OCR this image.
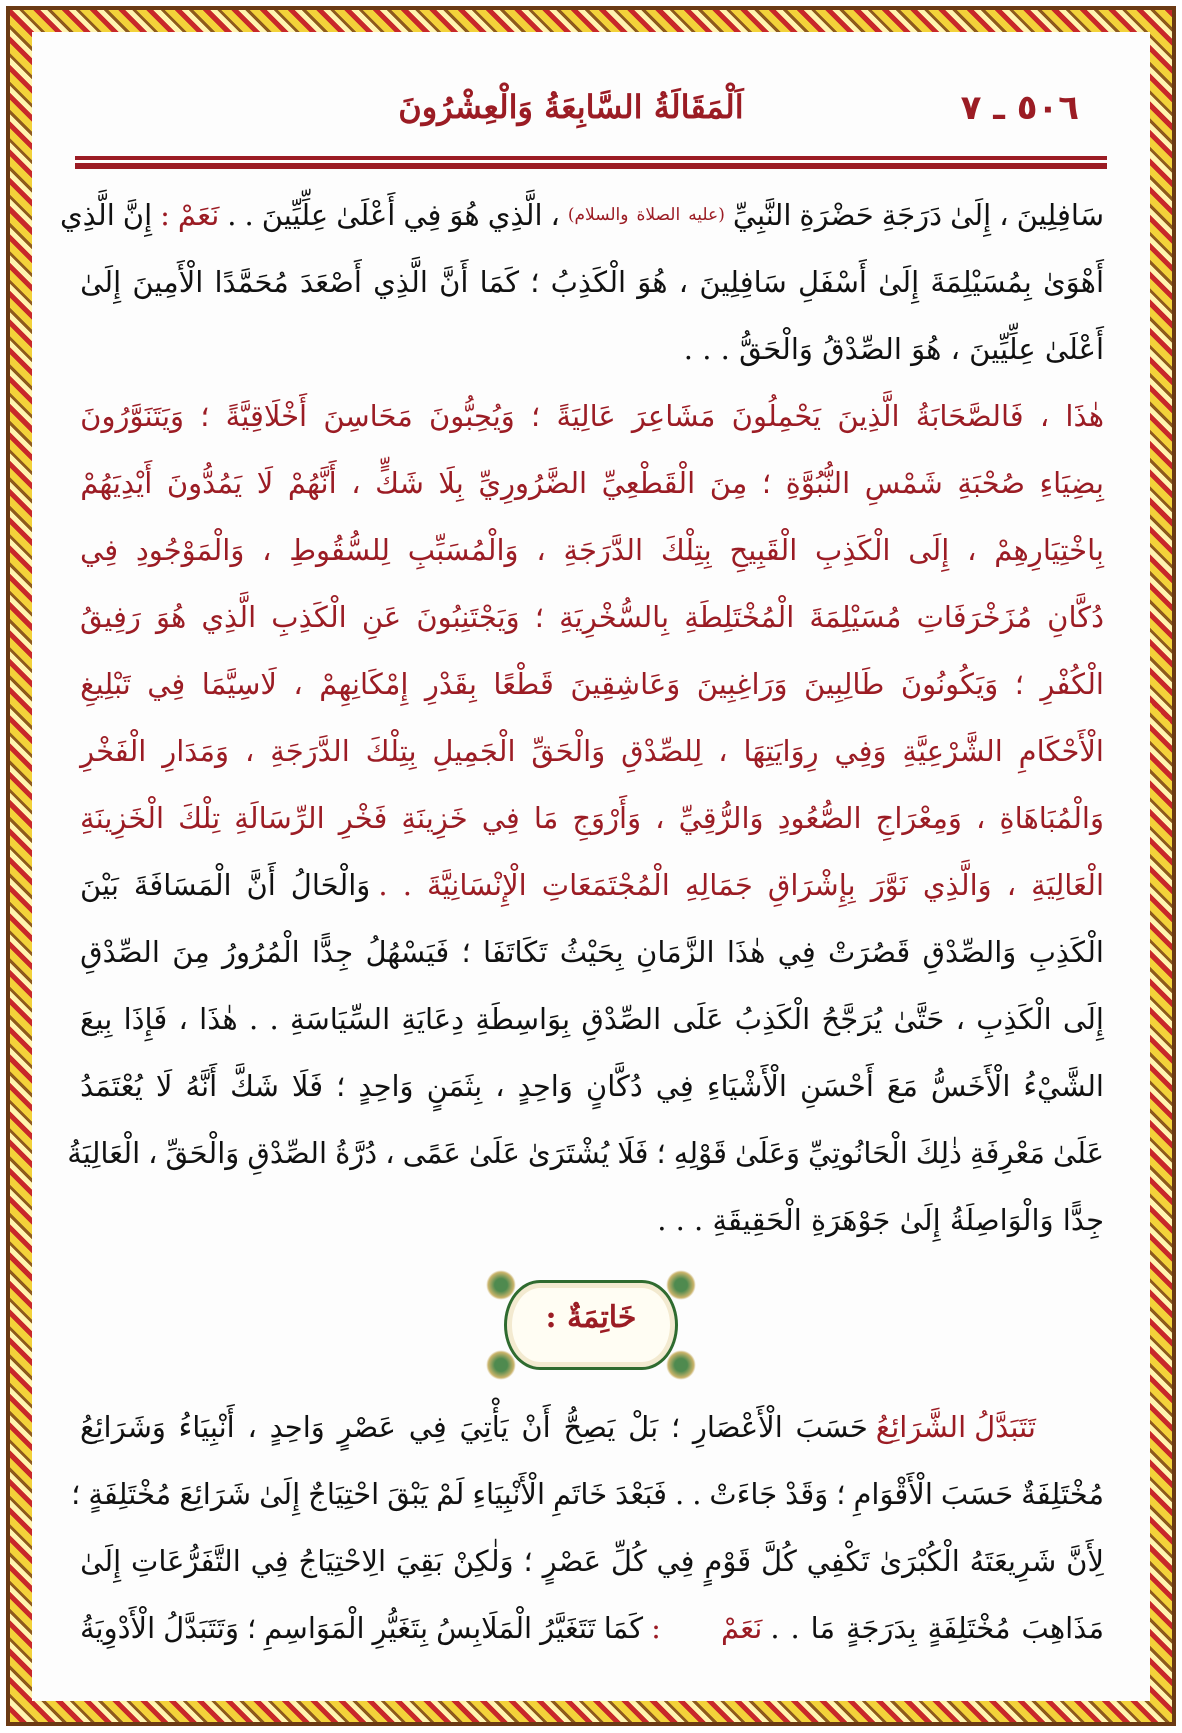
٥٠٦ ـ ٧
اَلْمَقَالَةُ السَّابِعَةُ وَالْعِشْرُونَ
سَافِلِينَ
،
إِلَىٰ
دَرَجَةِ
حَضْرَةِ
النَّبِيِّ
(عليه
الصلاة
والسلام)
،
الَّذِي
هُوَ
فِي
أَعْلَىٰ
عِلِّيِّينَ
.
.
نَعَمْ
:
إِنَّ
الَّذِي
أَهْوَىٰ
بِمُسَيْلِمَةَ
إِلَىٰ
أَسْفَلِ
سَافِلِينَ
،
هُوَ
الْكَذِبُ
؛
كَمَا
أَنَّ
الَّذِي
أَصْعَدَ
مُحَمَّدًا
الْأَمِينَ
إِلَىٰ
أَعْلَىٰ عِلِّيِّينَ ، هُوَ الصِّدْقُ وَالْحَقُّ . . .
هٰذَا
،
فَالصَّحَابَةُ
الَّذِينَ
يَحْمِلُونَ
مَشَاعِرَ
عَالِيَةً
؛
وَيُحِبُّونَ
مَحَاسِنَ
أَخْلَاقِيَّةً
؛
وَيَتَنَوَّرُونَ
بِضِيَاءِ
صُحْبَةِ
شَمْسِ
النُّبُوَّةِ
؛
مِنَ
الْقَطْعِيِّ
الضَّرُورِيِّ
بِلَا
شَكٍّ
،
أَنَّهُمْ
لَا
يَمُدُّونَ
أَيْدِيَهُمْ
بِاخْتِيَارِهِمْ
،
إِلَى
الْكَذِبِ
الْقَبِيحِ
بِتِلْكَ
الدَّرَجَةِ
،
وَالْمُسَبِّبِ
لِلسُّقُوطِ
،
وَالْمَوْجُودِ
فِي
دُكَّانِ
مُزَخْرَفَاتِ
مُسَيْلِمَةَ
الْمُخْتَلِطَةِ
بِالسُّخْرِيَةِ
؛
وَيَجْتَنِبُونَ
عَنِ
الْكَذِبِ
الَّذِي
هُوَ
رَفِيقُ
الْكُفْرِ
؛
وَيَكُونُونَ
طَالِبِينَ
وَرَاغِبِينَ
وَعَاشِقِينَ
قَطْعًا
بِقَدْرِ
إِمْكَانِهِمْ
،
لَاسِيَّمَا
فِي
تَبْلِيغِ
الْأَحْكَامِ
الشَّرْعِيَّةِ
وَفِي
رِوَايَتِهَا
،
لِلصِّدْقِ
وَالْحَقِّ
الْجَمِيلِ
بِتِلْكَ
الدَّرَجَةِ
،
وَمَدَارِ
الْفَخْرِ
وَالْمُبَاهَاةِ
،
وَمِعْرَاجِ
الصُّعُودِ
وَالرُّقِيِّ
،
وَأَرْوَجِ
مَا
فِي
خَزِينَةِ
فَخْرِ
الرِّسَالَةِ
تِلْكَ
الْخَزِينَةِ
الْعَالِيَةِ
،
وَالَّذِي
نَوَّرَ
بِإِشْرَاقِ
جَمَالِهِ
الْمُجْتَمَعَاتِ
الْإِنْسَانِيَّةَ
.
.
وَالْحَالُ
أَنَّ
الْمَسَافَةَ
بَيْنَ
الْكَذِبِ
وَالصِّدْقِ
قَصُرَتْ
فِي
هٰذَا
الزَّمَانِ
بِحَيْثُ
تَكَاتَفَا
؛
فَيَسْهُلُ
جِدًّا
الْمُرُورُ
مِنَ
الصِّدْقِ
إِلَى
الْكَذِبِ
،
حَتَّىٰ
يُرَجَّحُ
الْكَذِبُ
عَلَى
الصِّدْقِ
بِوَاسِطَةِ
دِعَايَةِ
السِّيَاسَةِ
.
.
هٰذَا
،
فَإِذَا
بِيعَ
الشَّيْءُ
الْأَخَسُّ
مَعَ
أَحْسَنِ
الْأَشْيَاءِ
فِي
دُكَّانٍ
وَاحِدٍ
،
بِثَمَنٍ
وَاحِدٍ
؛
فَلَا
شَكَّ
أَنَّهُ
لَا
يُعْتَمَدُ
عَلَىٰ
مَعْرِفَةِ
ذٰلِكَ
الْحَانُوتِيِّ
وَعَلَىٰ
قَوْلِهِ
؛
فَلَا
يُشْتَرَىٰ
عَلَىٰ
عَمًى
،
دُرَّةُ
الصِّدْقِ
وَالْحَقِّ
،
الْعَالِيَةُ
جِدًّا وَالْوَاصِلَةُ إِلَىٰ جَوْهَرَةِ الْحَقِيقَةِ . . .
خَاتِمَةٌ :
تَتَبَدَّلُ
الشَّرَائِعُ
حَسَبَ
الْأَعْصَارِ
؛
بَلْ
يَصِحُّ
أَنْ
يَأْتِيَ
فِي
عَصْرٍ
وَاحِدٍ
،
أَنْبِيَاءُ
وَشَرَائِعُ
مُخْتَلِفَةٌ
حَسَبَ
الْأَقْوَامِ
؛
وَقَدْ
جَاءَتْ
.
.
فَبَعْدَ
خَاتَمِ
الْأَنْبِيَاءِ
لَمْ
يَبْقَ
احْتِيَاجٌ
إِلَىٰ
شَرَائِعَ
مُخْتَلِفَةٍ
؛
لِأَنَّ
شَرِيعَتَهُ
الْكُبْرَىٰ
تَكْفِي
كُلَّ
قَوْمٍ
فِي
كُلِّ
عَصْرٍ
؛
وَلٰكِنْ
بَقِيَ
الِاحْتِيَاجُ
فِي
التَّفَرُّعَاتِ
إِلَىٰ
مَذَاهِبَ
مُخْتَلِفَةٍ
بِدَرَجَةٍ
مَا
.
.
نَعَمْ
:
كَمَا
تَتَغَيَّرُ
الْمَلَابِسُ
بِتَغَيُّرِ
الْمَوَاسِمِ
؛
وَتَتَبَدَّلُ
الْأَدْوِيَةُ
